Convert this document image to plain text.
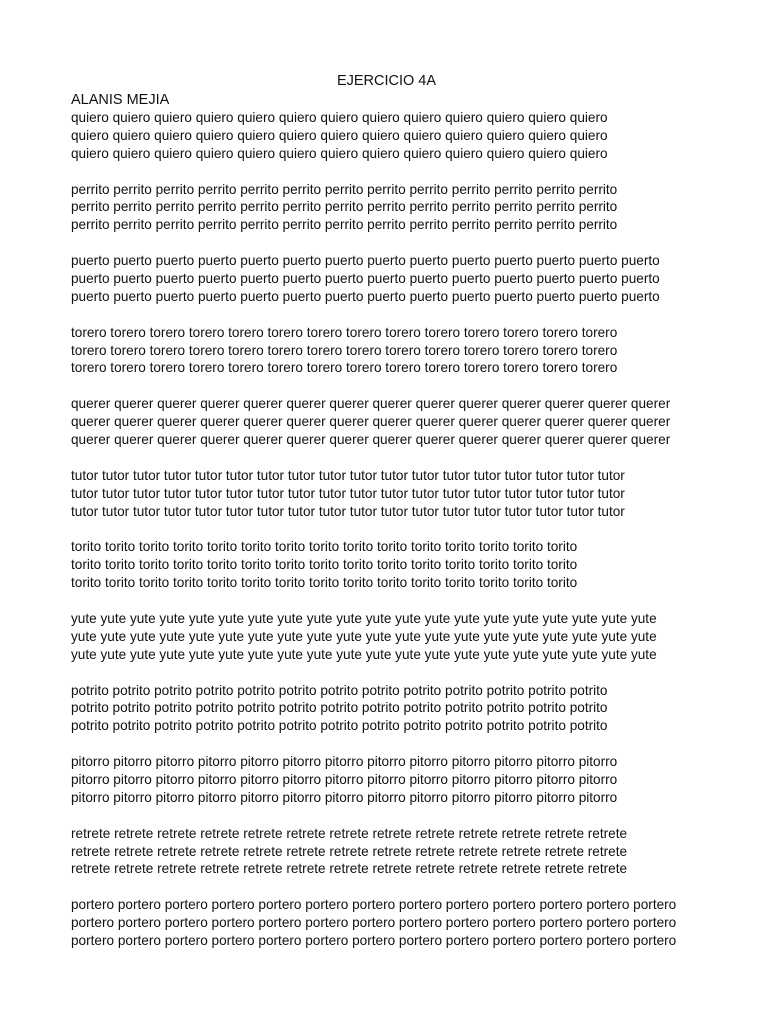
EJERCICIO 4A
ALANIS MEJIA
quiero quiero quiero quiero quiero quiero quiero quiero quiero quiero quiero quiero quiero
quiero quiero quiero quiero quiero quiero quiero quiero quiero quiero quiero quiero quiero
quiero quiero quiero quiero quiero quiero quiero quiero quiero quiero quiero quiero quiero
perrito perrito perrito perrito perrito perrito perrito perrito perrito perrito perrito perrito perrito
perrito perrito perrito perrito perrito perrito perrito perrito perrito perrito perrito perrito perrito
perrito perrito perrito perrito perrito perrito perrito perrito perrito perrito perrito perrito perrito
puerto puerto puerto puerto puerto puerto puerto puerto puerto puerto puerto puerto puerto puerto
puerto puerto puerto puerto puerto puerto puerto puerto puerto puerto puerto puerto puerto puerto
puerto puerto puerto puerto puerto puerto puerto puerto puerto puerto puerto puerto puerto puerto
torero torero torero torero torero torero torero torero torero torero torero torero torero torero
torero torero torero torero torero torero torero torero torero torero torero torero torero torero
torero torero torero torero torero torero torero torero torero torero torero torero torero torero
querer querer querer querer querer querer querer querer querer querer querer querer querer querer
querer querer querer querer querer querer querer querer querer querer querer querer querer querer
querer querer querer querer querer querer querer querer querer querer querer querer querer querer
tutor tutor tutor tutor tutor tutor tutor tutor tutor tutor tutor tutor tutor tutor tutor tutor tutor tutor
tutor tutor tutor tutor tutor tutor tutor tutor tutor tutor tutor tutor tutor tutor tutor tutor tutor tutor
tutor tutor tutor tutor tutor tutor tutor tutor tutor tutor tutor tutor tutor tutor tutor tutor tutor tutor
torito torito torito torito torito torito torito torito torito torito torito torito torito torito torito
torito torito torito torito torito torito torito torito torito torito torito torito torito torito torito
torito torito torito torito torito torito torito torito torito torito torito torito torito torito torito
yute yute yute yute yute yute yute yute yute yute yute yute yute yute yute yute yute yute yute yute
yute yute yute yute yute yute yute yute yute yute yute yute yute yute yute yute yute yute yute yute
yute yute yute yute yute yute yute yute yute yute yute yute yute yute yute yute yute yute yute yute
potrito potrito potrito potrito potrito potrito potrito potrito potrito potrito potrito potrito potrito
potrito potrito potrito potrito potrito potrito potrito potrito potrito potrito potrito potrito potrito
potrito potrito potrito potrito potrito potrito potrito potrito potrito potrito potrito potrito potrito
pitorro pitorro pitorro pitorro pitorro pitorro pitorro pitorro pitorro pitorro pitorro pitorro pitorro
pitorro pitorro pitorro pitorro pitorro pitorro pitorro pitorro pitorro pitorro pitorro pitorro pitorro
pitorro pitorro pitorro pitorro pitorro pitorro pitorro pitorro pitorro pitorro pitorro pitorro pitorro
retrete retrete retrete retrete retrete retrete retrete retrete retrete retrete retrete retrete retrete
retrete retrete retrete retrete retrete retrete retrete retrete retrete retrete retrete retrete retrete
retrete retrete retrete retrete retrete retrete retrete retrete retrete retrete retrete retrete retrete
portero portero portero portero portero portero portero portero portero portero portero portero portero
portero portero portero portero portero portero portero portero portero portero portero portero portero
portero portero portero portero portero portero portero portero portero portero portero portero portero
